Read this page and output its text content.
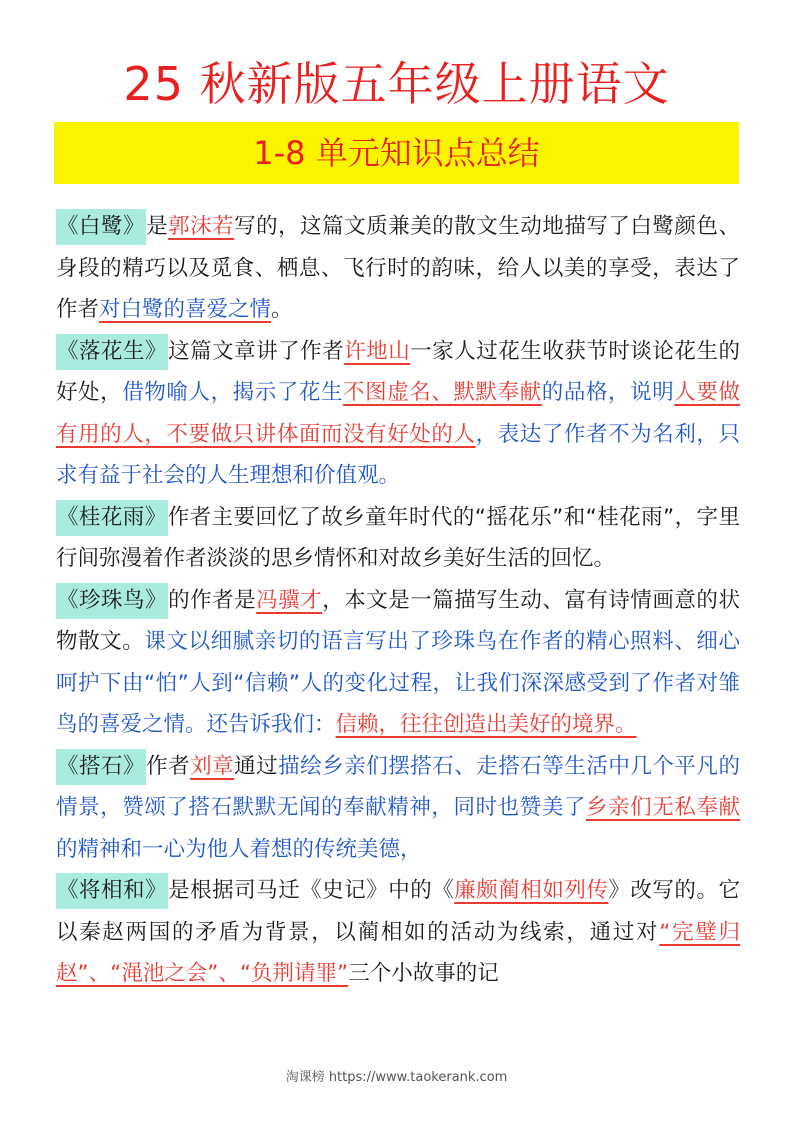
25 秋新版五年级上册语文
1-8 单元知识点总结

《白鹭》是郭沫若写的，这篇文质兼美的散文生动地描写了白鹭颜色、身段的精巧以及觅食、栖息、飞行时的韵味，给人以美的享受，表达了作者对白鹭的喜爱之情。

《落花生》这篇文章讲了作者许地山一家人过花生收获节时谈论花生的好处，借物喻人，揭示了花生不图虚名、默默奉献的品格，说明人要做有用的人，不要做只讲体面而没有好处的人，表达了作者不为名利，只求有益于社会的人生理想和价值观。

《桂花雨》作者主要回忆了故乡童年时代的“摇花乐”和“桂花雨”，字里行间弥漫着作者淡淡的思乡情怀和对故乡美好生活的回忆。

《珍珠鸟》的作者是冯骥才，本文是一篇描写生动、富有诗情画意的状物散文。课文以细腻亲切的语言写出了珍珠鸟在作者的精心照料、细心呵护下由“怕”人到“信赖”人的变化过程，让我们深深感受到了作者对雏鸟的喜爱之情。还告诉我们：信赖，往往创造出美好的境界。

《搭石》作者刘章通过描绘乡亲们摆搭石、走搭石等生活中几个平凡的情景，赞颂了搭石默默无闻的奉献精神，同时也赞美了乡亲们无私奉献的精神和一心为他人着想的传统美德，

《将相和》是根据司马迁《史记》中的《廉颇蔺相如列传》改写的。它以秦赵两国的矛盾为背景，以蔺相如的活动为线索，通过对“完璧归赵”、“渑池之会”、“负荆请罪”三个小故事的记

淘课榜 https://www.taokerank.com
